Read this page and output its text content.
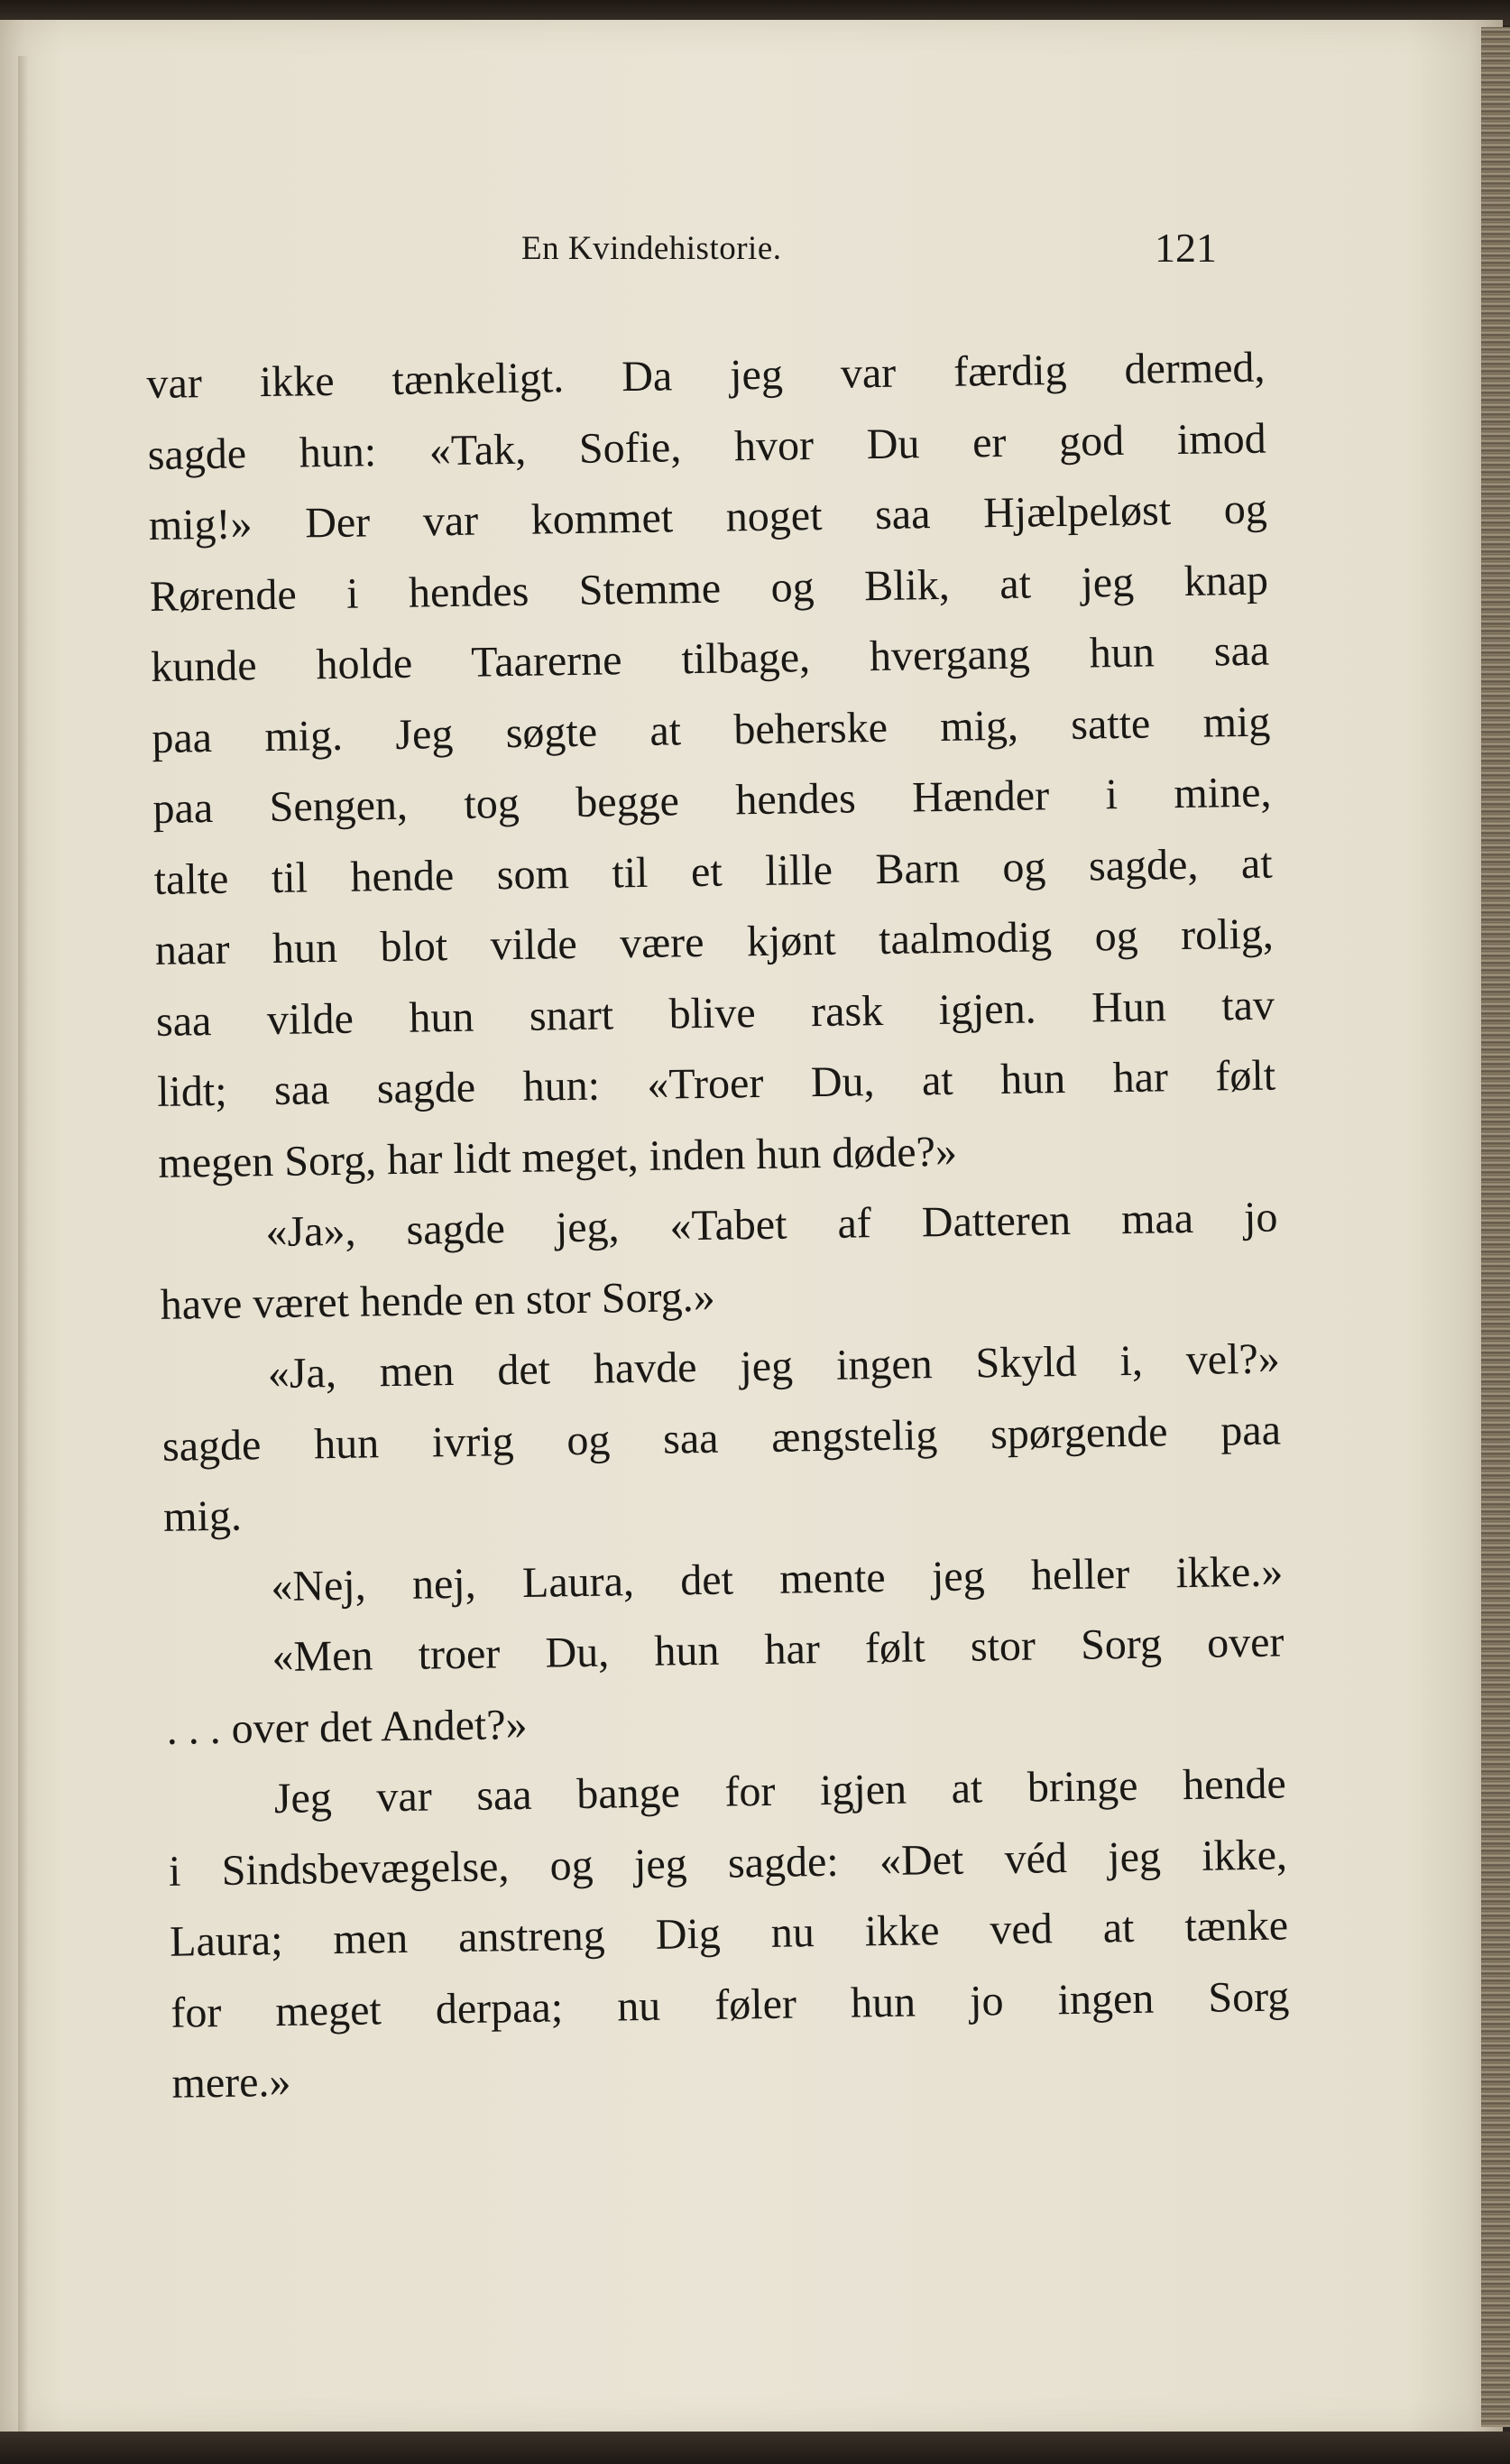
En Kvindehistorie.	121
var ikke tænkeligt. Da jeg var færdig dermed,
sagde hun: «Tak, Sofie, hvor Du er god imod
mig!» Der var kommet noget saa Hjælpeløst og
Rørende i hendes Stemme og Blik, at jeg knap
kunde holde Taarerne tilbage, hvergang hun saa
paa mig. Jeg søgte at beherske mig, satte mig
paa Sengen, tog begge hendes Hænder i mine,
talte til hende som til et lille Barn og sagde, at
naar hun blot vilde være kjønt taalmodig og rolig,
saa vilde hun snart blive rask igjen. Hun tav
lidt; saa sagde hun: «Troer Du, at hun har følt
megen Sorg, har lidt meget, inden hun døde?»
«Ja», sagde jeg, «Tabet af Datteren maa jo
have været hende en stor Sorg.»
«Ja, men det havde jeg ingen Skyld i, vel?»
sagde hun ivrig og saa ængstelig spørgende paa
mig.
«Nej, nej, Laura, det mente jeg heller ikke.»
«Men troer Du, hun har følt stor Sorg over
. . . over det Andet?»
Jeg var saa bange for igjen at bringe hende
i Sindsbevægelse, og jeg sagde: «Det véd jeg ikke,
Laura; men anstreng Dig nu ikke ved at tænke
for meget derpaa; nu føler hun jo ingen Sorg
mere.»
